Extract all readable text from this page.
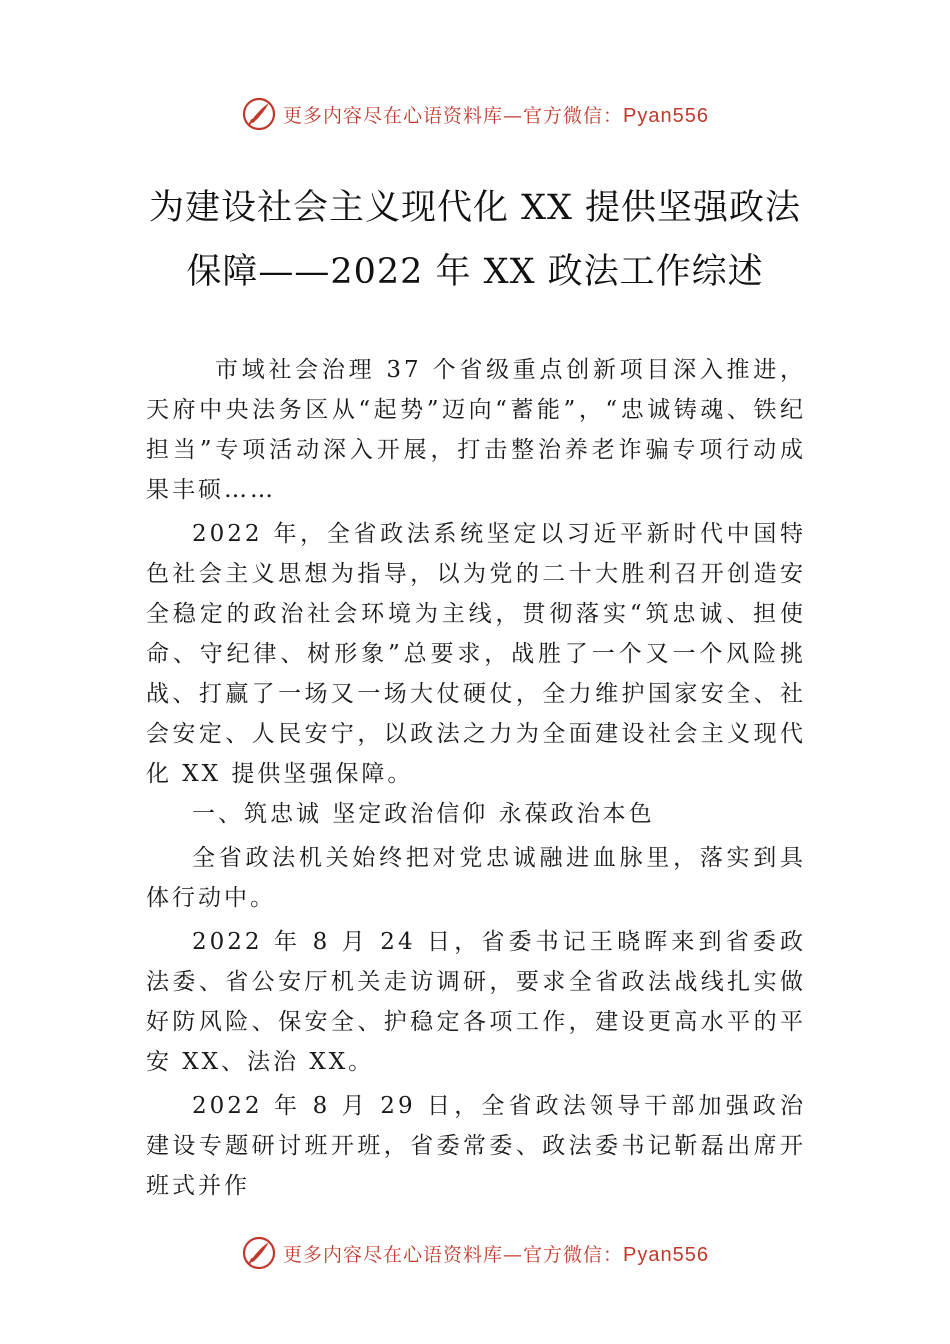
更多内容尽在心语资料库—官方微信：Pyan556
为建设社会主义现代化 XX 提供坚强政法
保障——2022 年 XX 政法工作综述

市域社会治理 37 个省级重点创新项目深入推进，天府中央法务区从“起势”迈向“蓄能”，“忠诚铸魂、铁纪担当”专项活动深入开展，打击整治养老诈骗专项行动成果丰硕……

2022 年，全省政法系统坚定以习近平新时代中国特色社会主义思想为指导，以为党的二十大胜利召开创造安全稳定的政治社会环境为主线，贯彻落实“筑忠诚、担使命、守纪律、树形象”总要求，战胜了一个又一个风险挑战、打赢了一场又一场大仗硬仗，全力维护国家安全、社会安定、人民安宁，以政法之力为全面建设社会主义现代化 XX 提供坚强保障。

一、筑忠诚 坚定政治信仰 永葆政治本色

全省政法机关始终把对党忠诚融进血脉里，落实到具体行动中。

2022 年 8 月 24 日，省委书记王晓晖来到省委政法委、省公安厅机关走访调研，要求全省政法战线扎实做好防风险、保安全、护稳定各项工作，建设更高水平的平安 XX、法治 XX。

2022 年 8 月 29 日，全省政法领导干部加强政治建设专题研讨班开班，省委常委、政法委书记靳磊出席开班式并作

更多内容尽在心语资料库—官方微信：Pyan556
